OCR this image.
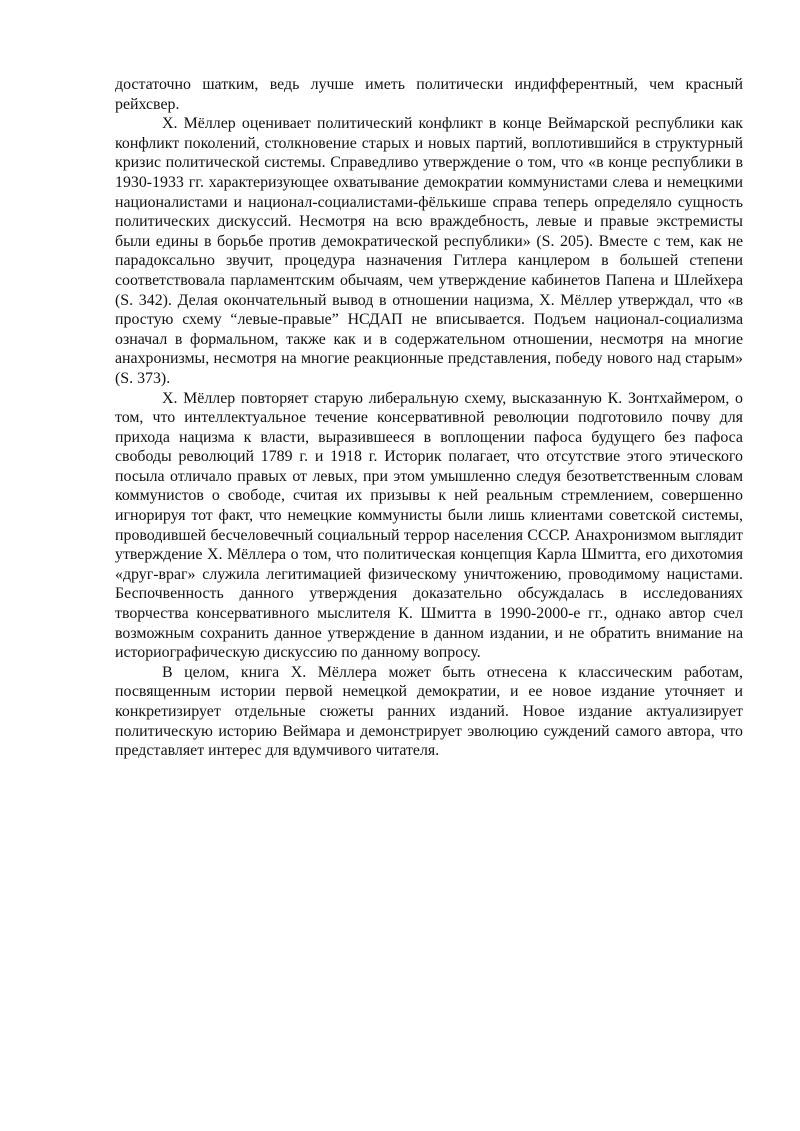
достаточно шатким, ведь лучше иметь политически индифферентный, чем красный рейхсвер.

Х. Мёллер оценивает политический конфликт в конце Веймарской республики как конфликт поколений, столкновение старых и новых партий, воплотившийся в структурный кризис политической системы. Справедливо утверждение о том, что «в конце республики в 1930-1933 гг. характеризующее охватывание демократии коммунистами слева и немецкими националистами и национал-социалистами-фёлькише справа теперь определяло сущность политических дискуссий. Несмотря на всю враждебность, левые и правые экстремисты были едины в борьбе против демократической республики» (S. 205). Вместе с тем, как не парадоксально звучит, процедура назначения Гитлера канцлером в большей степени соответствовала парламентским обычаям, чем утверждение кабинетов Папена и Шлейхера (S. 342). Делая окончательный вывод в отношении нацизма, Х. Мёллер утверждал, что «в простую схему “левые-правые” НСДАП не вписывается. Подъем национал-социализма означал в формальном, также как и в содержательном отношении, несмотря на многие анахронизмы, несмотря на многие реакционные представления, победу нового над старым» (S. 373).

Х. Мёллер повторяет старую либеральную схему, высказанную К. Зонтхаймером, о том, что интеллектуальное течение консервативной революции подготовило почву для прихода нацизма к власти, выразившееся в воплощении пафоса будущего без пафоса свободы революций 1789 г. и 1918 г. Историк полагает, что отсутствие этого этического посыла отличало правых от левых, при этом умышленно следуя безответственным словам коммунистов о свободе, считая их призывы к ней реальным стремлением, совершенно игнорируя тот факт, что немецкие коммунисты были лишь клиентами советской системы, проводившей бесчеловечный социальный террор населения СССР. Анахронизмом выглядит утверждение Х. Мёллера о том, что политическая концепция Карла Шмитта, его дихотомия «друг-враг» служила легитимацией физическому уничтожению, проводимому нацистами. Беспочвенность данного утверждения доказательно обсуждалась в исследованиях творчества консервативного мыслителя К. Шмитта в 1990-2000-е гг., однако автор счел возможным сохранить данное утверждение в данном издании, и не обратить внимание на историографическую дискуссию по данному вопросу.

В целом, книга Х. Мёллера может быть отнесена к классическим работам, посвященным истории первой немецкой демократии, и ее новое издание уточняет и конкретизирует отдельные сюжеты ранних изданий. Новое издание актуализирует политическую историю Веймара и демонстрирует эволюцию суждений самого автора, что представляет интерес для вдумчивого читателя.
